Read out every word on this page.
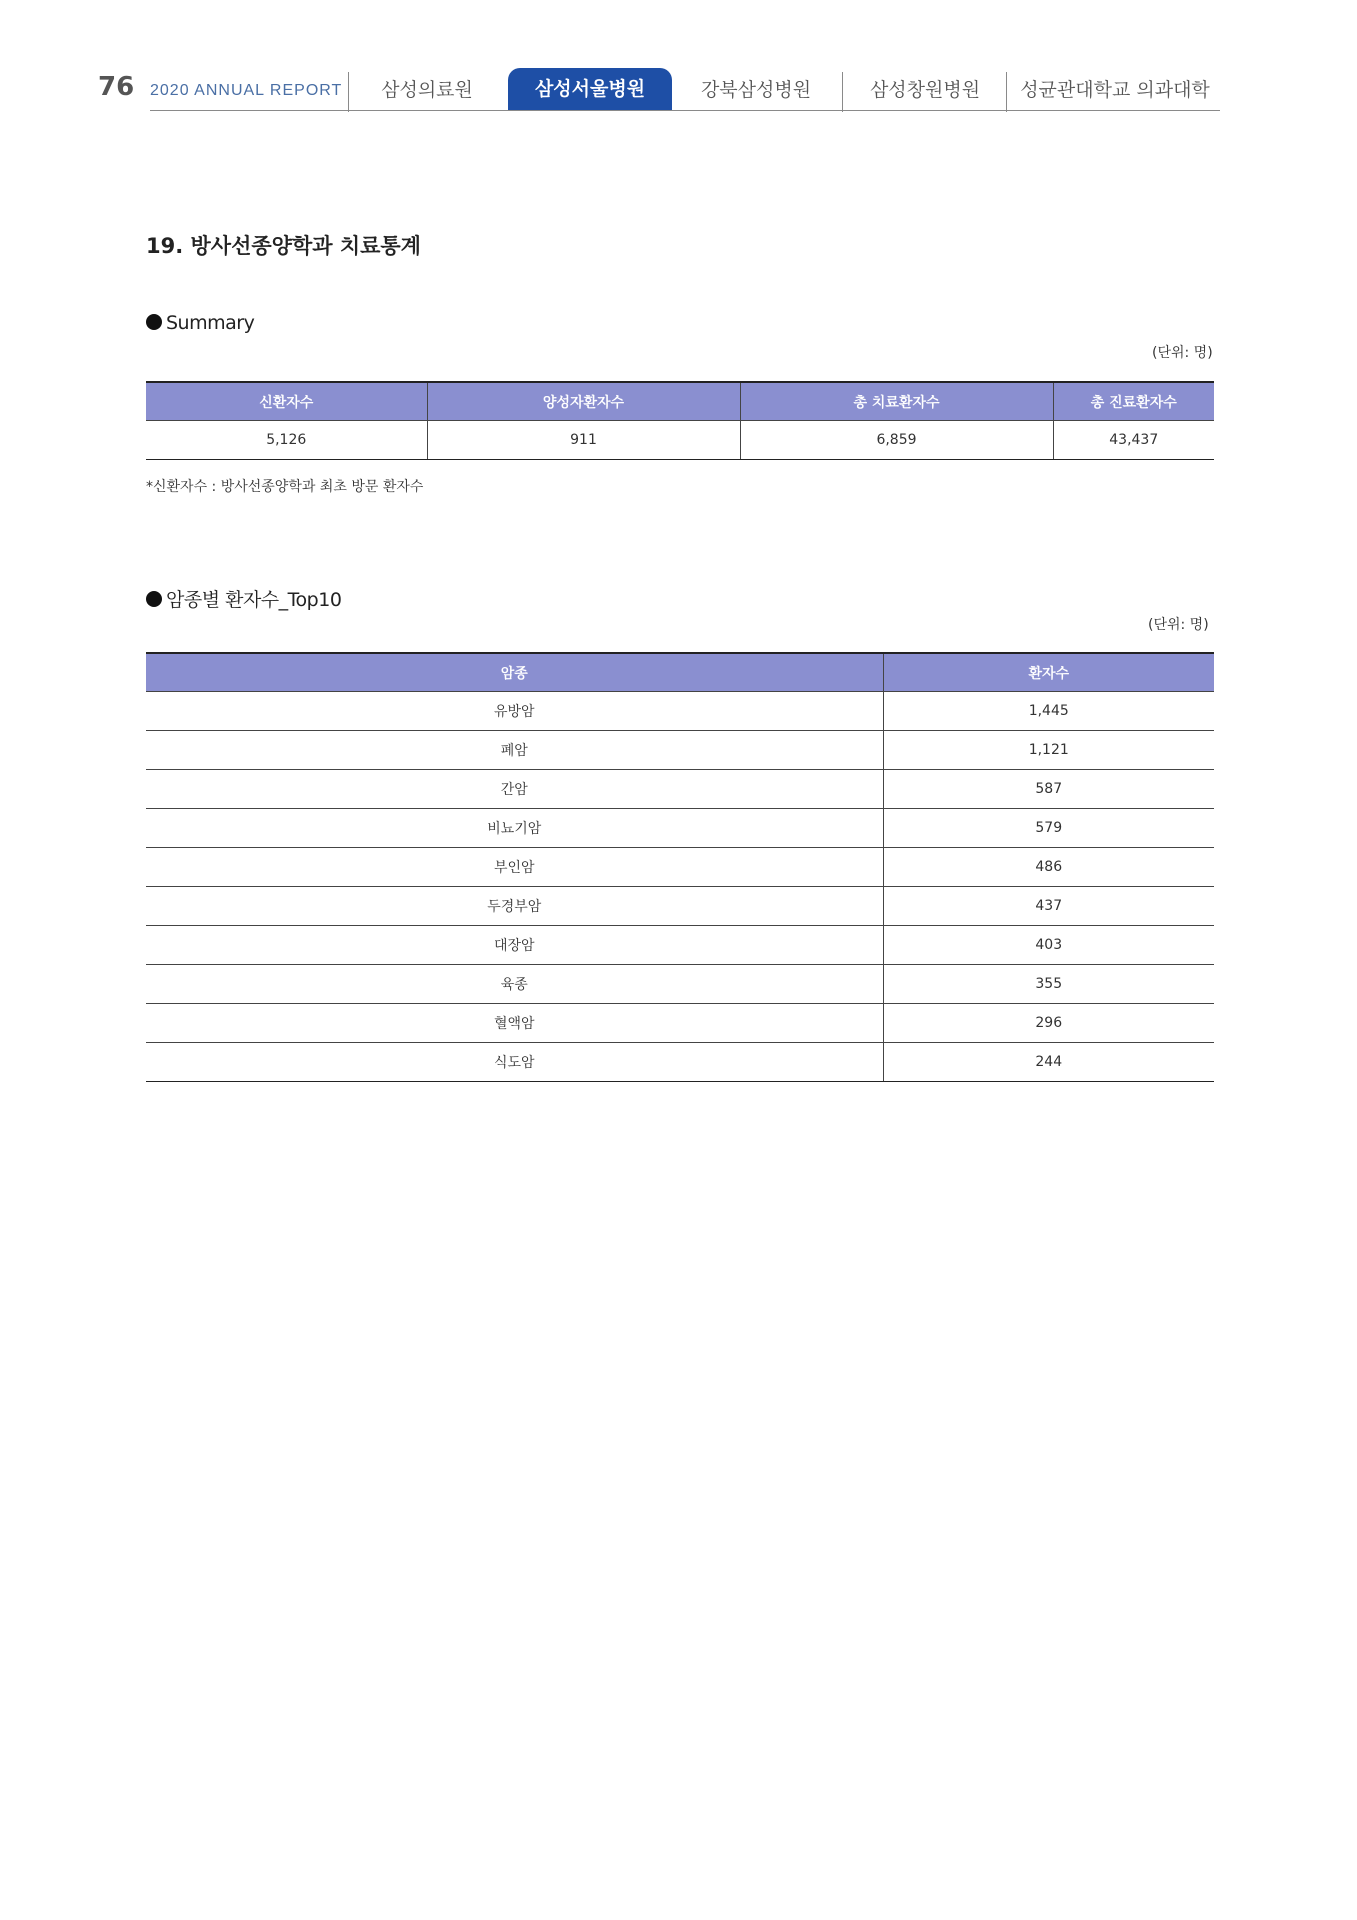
76 2020 ANNUAL REPORT	삼성의료원	삼성서울병원	강북삼성병원	삼성창원병원	성균관대학교 의과대학
19. 방사선종양학과 치료통계
Summary
(단위: 명)
신환자수	양성자환자수	총 치료환자수	총 진료환자수
5,126	911	6,859	43,437
*신환자수 : 방사선종양학과 최초 방문 환자수
암종별 환자수_Top10
(단위: 명)
암종	환자수
유방암	1,445
폐암	1,121
간암	587
비뇨기암	579
부인암	486
두경부암	437
대장암	403
육종	355
혈액암	296
식도암	244
